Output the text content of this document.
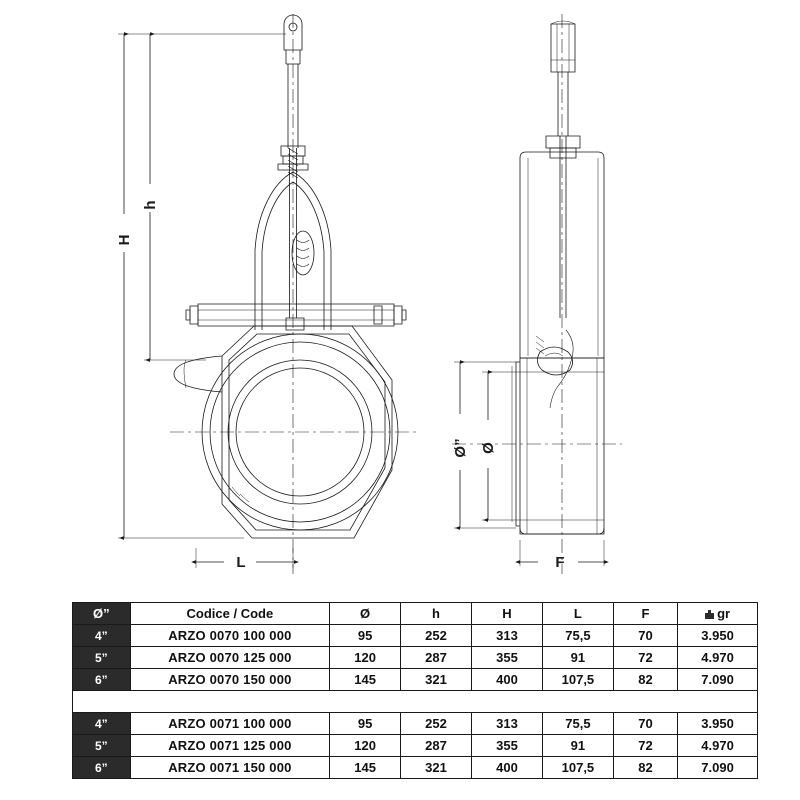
H
h
L	F
Ø” Ø
Ø”	Codice / Code	Ø	h	H	L	F	gr
4”	ARZO 0070 100 000	95	252	313	75,5	70	3.950
5”	ARZO 0070 125 000	120	287	355	91	72	4.970
6”	ARZO 0070 150 000	145	321	400	107,5	82	7.090

4”	ARZO 0071 100 000	95	252	313	75,5	70	3.950
5”	ARZO 0071 125 000	120	287	355	91	72	4.970
6”	ARZO 0071 150 000	145	321	400	107,5	82	7.090
